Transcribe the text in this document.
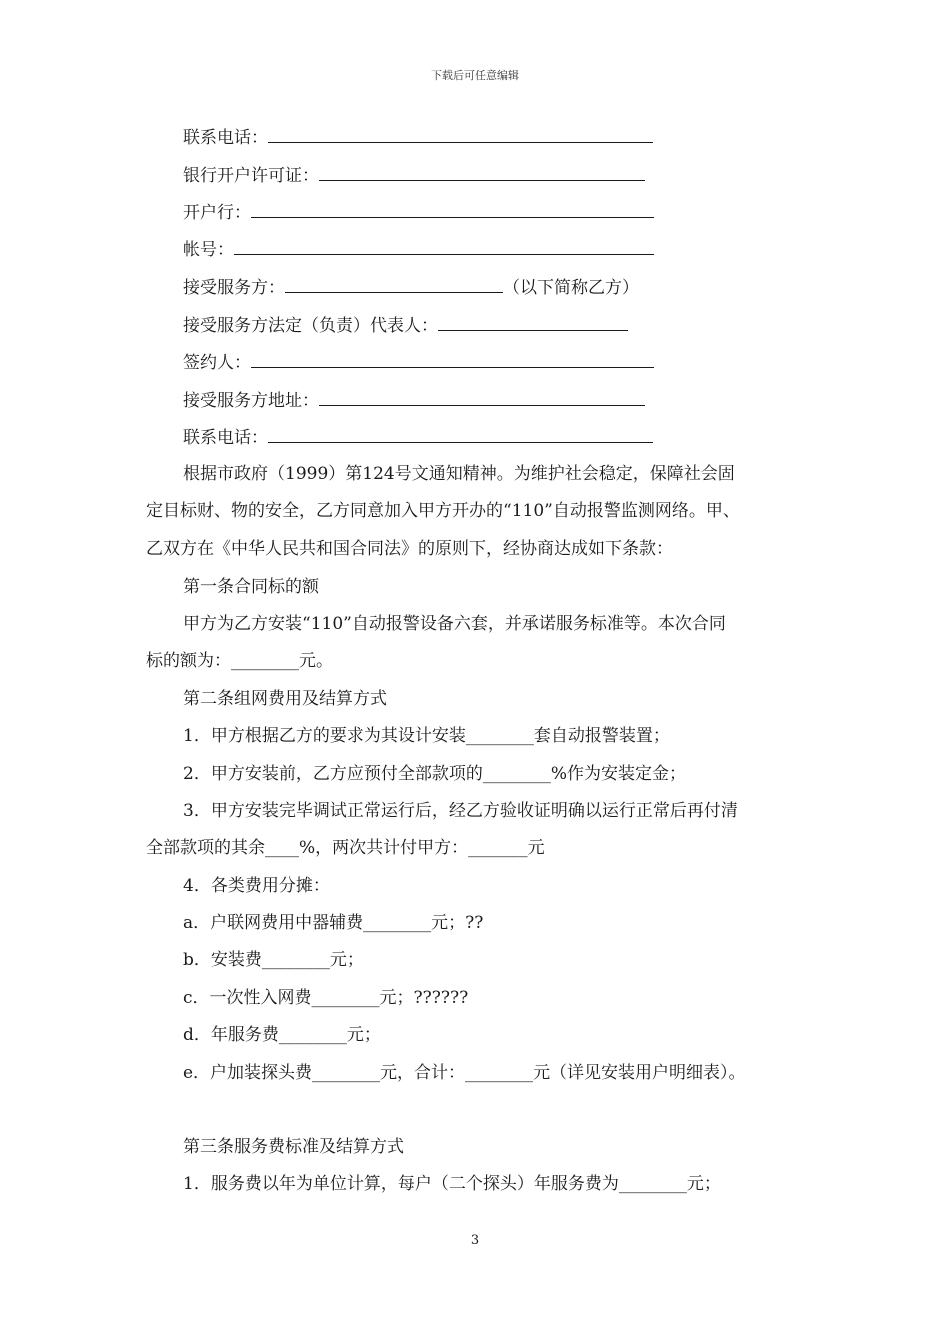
下载后可任意编辑
联系电话：
银行开户许可证：
开户行：
帐号：
接受服务方：	（以下简称乙方）
接受服务方法定（负责）代表人：
签约人：
接受服务方地址：
联系电话：
根据市政府（1999）第124号文通知精神。为维护社会稳定，保障社会固
定目标财、物的安全，乙方同意加入甲方开办的“110”自动报警监测网络。甲、
乙双方在《中华人民共和国合同法》的原则下，经协商达成如下条款：
第一条合同标的额
甲方为乙方安装“110”自动报警设备六套，并承诺服务标准等。本次合同
标的额为：________元。
第二条组网费用及结算方式
1．甲方根据乙方的要求为其设计安装________套自动报警装置；
2．甲方安装前，乙方应预付全部款项的________%作为安装定金；
3．甲方安装完毕调试正常运行后，经乙方验收证明确以运行正常后再付清
全部款项的其余____%，两次共计付甲方：_______元
4．各类费用分摊：
a．户联网费用中器辅费________元；??
b．安装费________元；
c．一次性入网费________元；??????
d．年服务费________元；
e．户加装探头费________元，合计：________元（详见安装用户明细表）。
第三条服务费标准及结算方式
1．服务费以年为单位计算，每户（二个探头）年服务费为________元；
3
